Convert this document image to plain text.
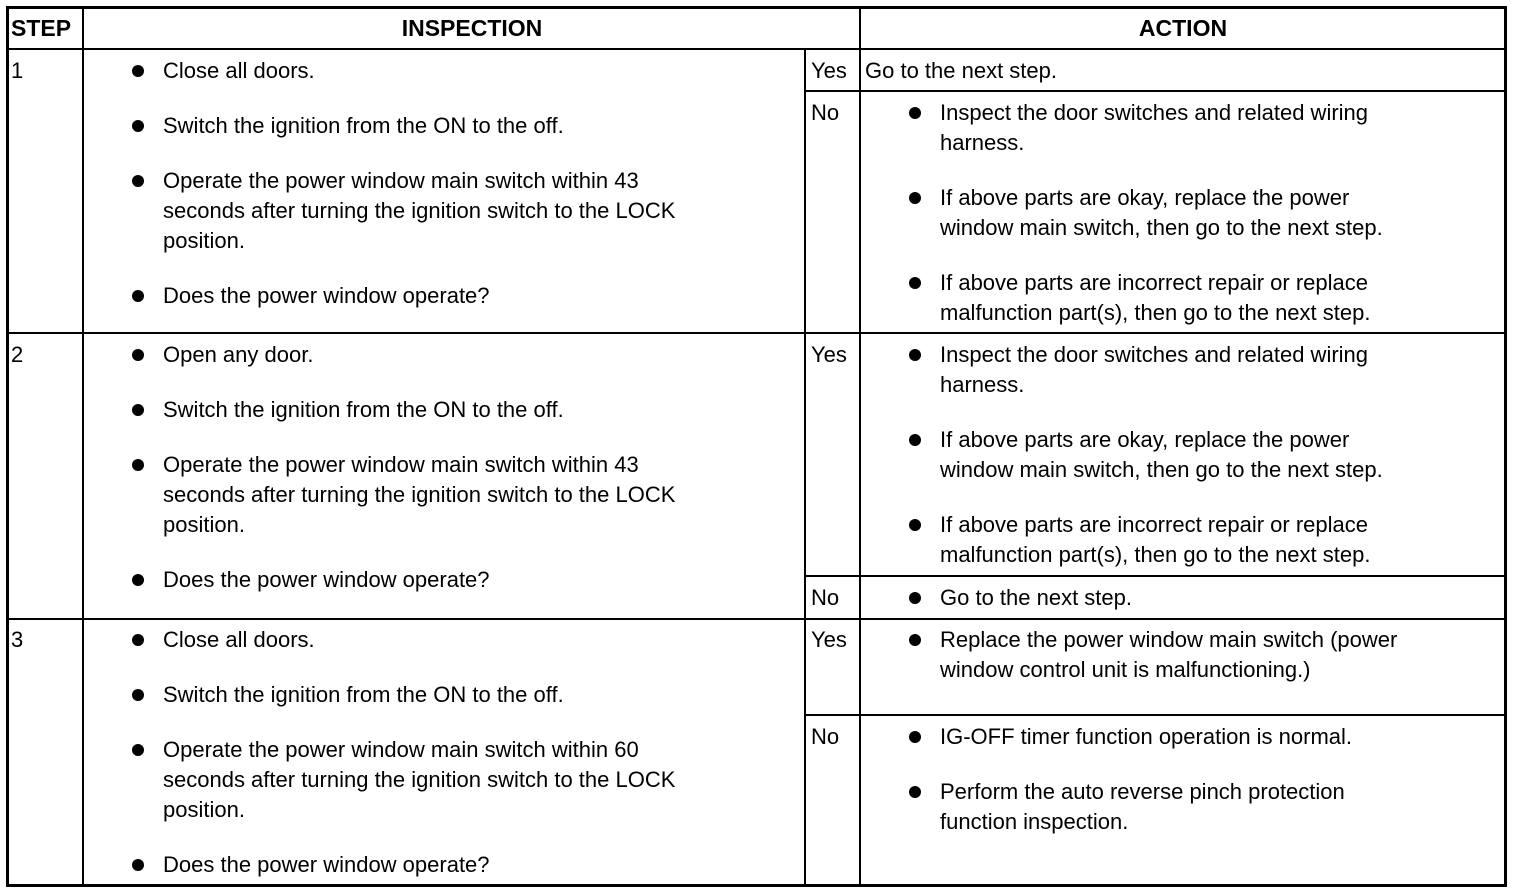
STEP	INSPECTION	ACTION
1	Close all doors.
Switch the ignition from the ON to the off.
Operate the power window main switch within 43
seconds after turning the ignition switch to the LOCK
position.
Does the power window operate?
Yes Go to the next step.
No	Inspect the door switches and related wiring
harness.
If above parts are okay, replace the power
window main switch, then go to the next step.
If above parts are incorrect repair or replace
malfunction part(s), then go to the next step.
2	Open any door.
Switch the ignition from the ON to the off.
Operate the power window main switch within 43
seconds after turning the ignition switch to the LOCK
position.
Does the power window operate?
Yes	Inspect the door switches and related wiring
harness.
If above parts are okay, replace the power
window main switch, then go to the next step.
If above parts are incorrect repair or replace
malfunction part(s), then go to the next step.
No	Go to the next step.
3	Close all doors.
Switch the ignition from the ON to the off.
Operate the power window main switch within 60
seconds after turning the ignition switch to the LOCK
position.
Does the power window operate?
Yes	Replace the power window main switch (power
window control unit is malfunctioning.)
No	IG-OFF timer function operation is normal.
Perform the auto reverse pinch protection
function inspection.
